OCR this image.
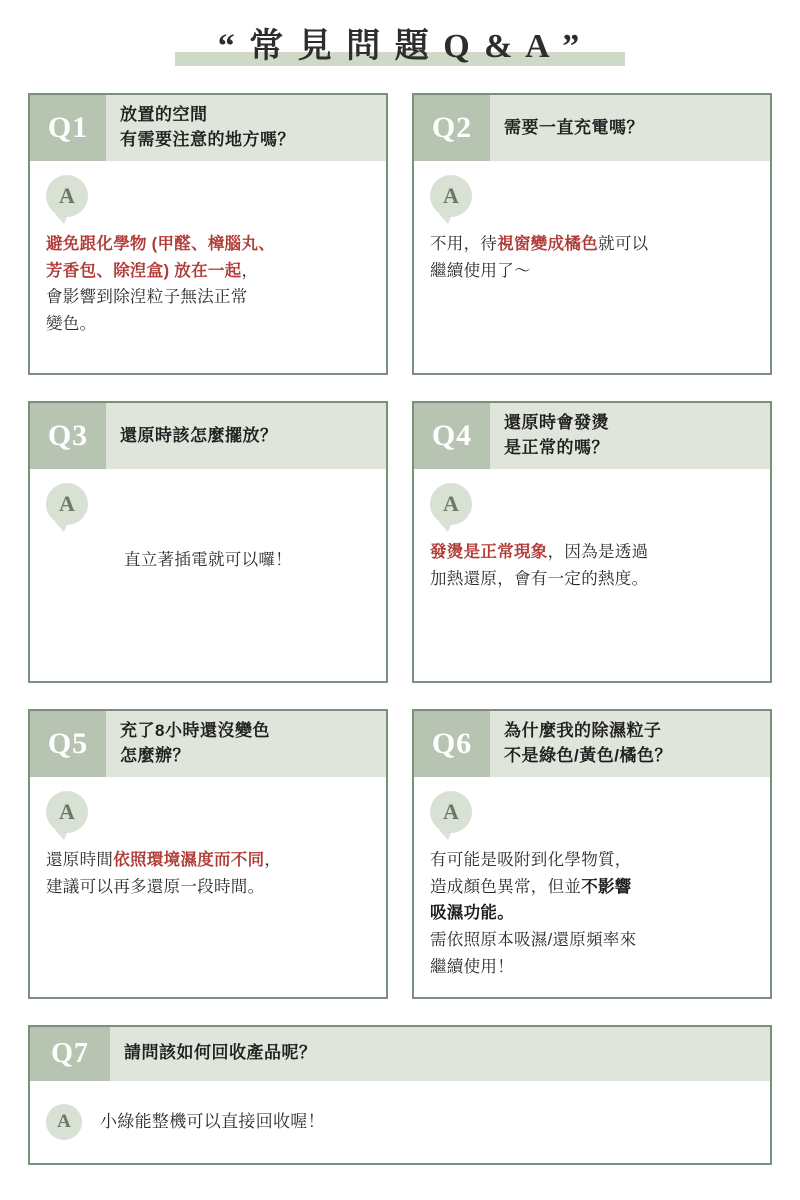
“ 常 見 問 題 Q & A ”
Q1	放置的空間
有需要注意的地方嗎？
A
避免跟化學物 (甲醛、樟腦丸、
芳香包、除湼盒) 放在一起，
會影響到除湼粒子無法正常
變色。
Q2	需要一直充電嗎？
A
不用，待視窗變成橘色就可以
繼續使用了～
Q3	還原時該怎麼擺放？
A
直立著插電就可以囉！
Q4	還原時會發燙
是正常的嗎？
A
發燙是正常現象，因為是透過
加熱還原，會有一定的熱度。
Q5	充了8小時還沒變色
怎麼辦？
A
還原時間依照環境濕度而不同，
建議可以再多還原一段時間。
Q6	為什麼我的除濕粒子
不是綠色/黃色/橘色？
A
有可能是吸附到化學物質，
造成顏色異常，但並不影響
吸濕功能。
需依照原本吸濕/還原頻率來
繼續使用！
Q7	請問該如何回收產品呢？
A	小綠能整機可以直接回收喔！
